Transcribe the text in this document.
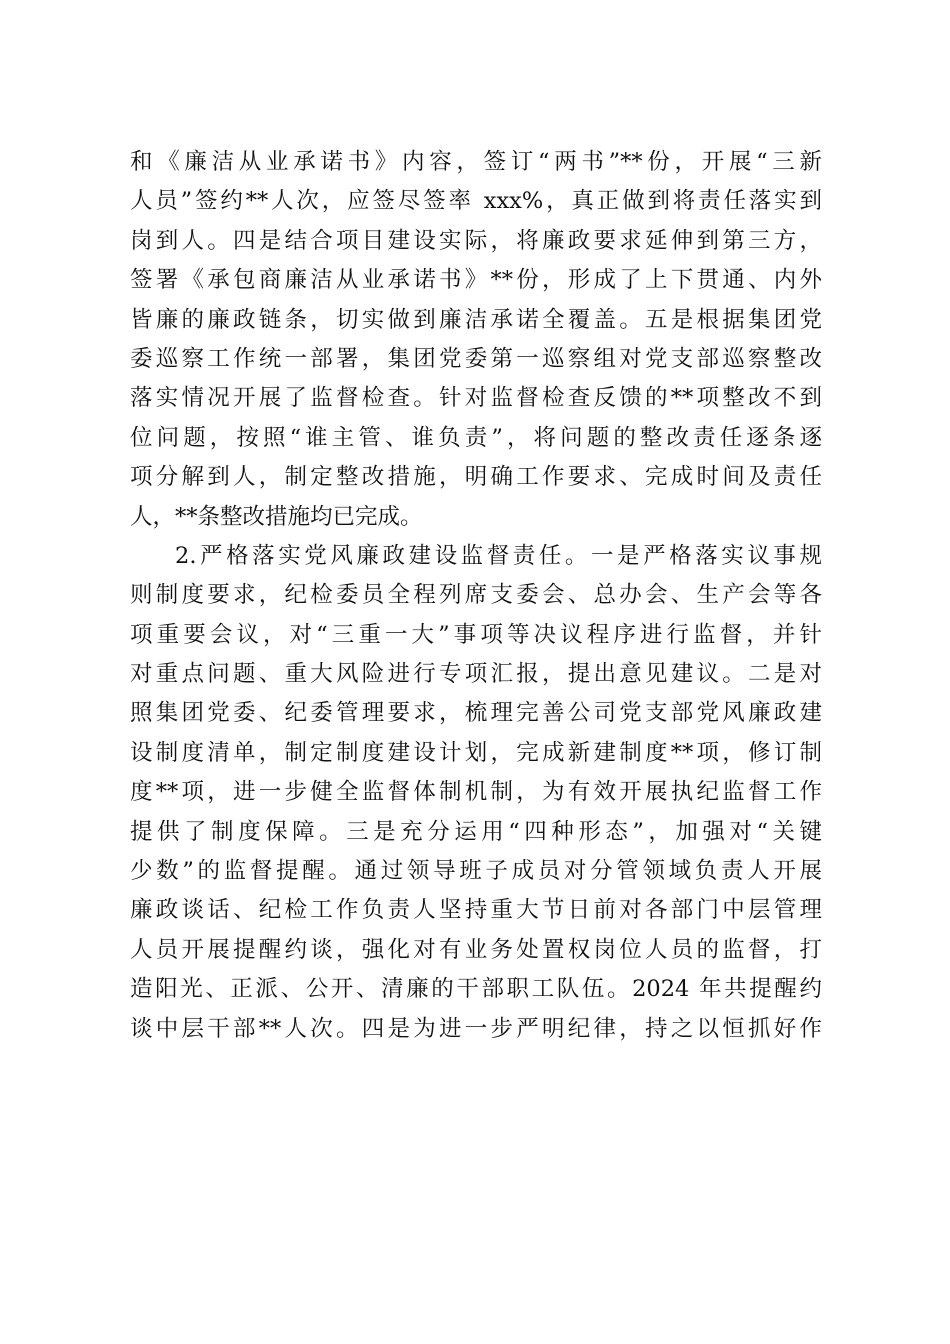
和《廉洁从业承诺书》内容，签订“两书”**份，开展“三新
人员”签约**人次，应签尽签率 xxx%，真正做到将责任落实到
岗到人。四是结合项目建设实际，将廉政要求延伸到第三方，
签署《承包商廉洁从业承诺书》**份，形成了上下贯通、内外
皆廉的廉政链条，切实做到廉洁承诺全覆盖。五是根据集团党
委巡察工作统一部署，集团党委第一巡察组对党支部巡察整改
落实情况开展了监督检查。针对监督检查反馈的**项整改不到
位问题，按照“谁主管、谁负责”，将问题的整改责任逐条逐
项分解到人，制定整改措施，明确工作要求、完成时间及责任
人，**条整改措施均已完成。
2.严格落实党风廉政建设监督责任。一是严格落实议事规
则制度要求，纪检委员全程列席支委会、总办会、生产会等各
项重要会议，对“三重一大”事项等决议程序进行监督，并针
对重点问题、重大风险进行专项汇报，提出意见建议。二是对
照集团党委、纪委管理要求，梳理完善公司党支部党风廉政建
设制度清单，制定制度建设计划，完成新建制度**项，修订制
度**项，进一步健全监督体制机制，为有效开展执纪监督工作
提供了制度保障。三是充分运用“四种形态”，加强对“关键
少数”的监督提醒。通过领导班子成员对分管领域负责人开展
廉政谈话、纪检工作负责人坚持重大节日前对各部门中层管理
人员开展提醒约谈，强化对有业务处置权岗位人员的监督，打
造阳光、正派、公开、清廉的干部职工队伍。2024 年共提醒约
谈中层干部**人次。四是为进一步严明纪律，持之以恒抓好作
